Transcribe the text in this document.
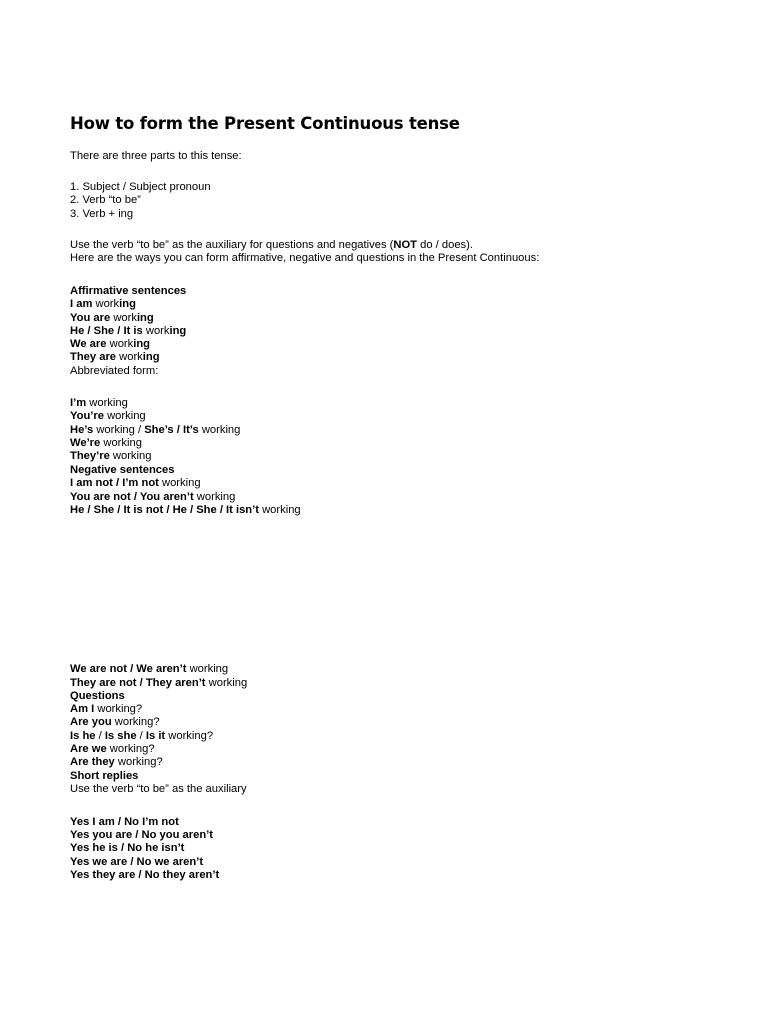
How to form the Present Continuous tense
There are three parts to this tense:
1. Subject / Subject pronoun
2. Verb “to be”
3. Verb + ing
Use the verb “to be” as the auxiliary for questions and negatives (NOT do / does).
Here are the ways you can form affirmative, negative and questions in the Present Continuous:
Affirmative sentences
I am working
You are working
He / She / It is working
We are working
They are working
Abbreviated form:
I’m working
You’re working
He’s working / She’s / It’s working
We’re working
They’re working
Negative sentences
I am not / I’m not working
You are not / You aren’t working
He / She / It is not / He / She / It isn’t working
We are not / We aren’t working
They are not / They aren’t working
Questions
Am I working?
Are you working?
Is he / Is she / Is it working?
Are we working?
Are they working?
Short replies
Use the verb “to be” as the auxiliary
Yes I am / No I’m not
Yes you are / No you aren’t
Yes he is / No he isn’t
Yes we are / No we aren’t
Yes they are / No they aren’t
